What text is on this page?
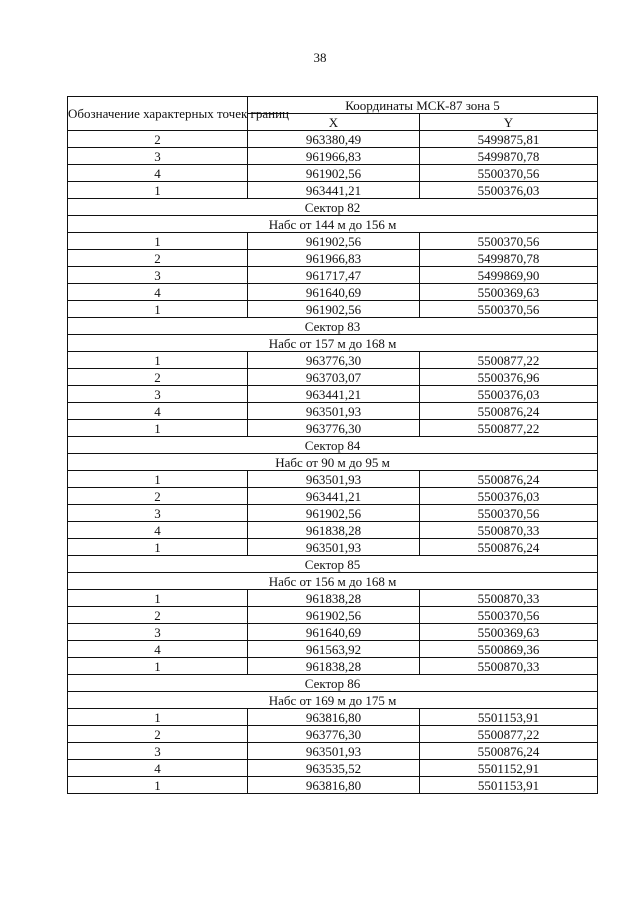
38
Обозначение характерных точек границ	Координаты МСК-87 зона 5	
	X	Y
2	963380,49	5499875,81
3	961966,83	5499870,78
4	961902,56	5500370,56
1	963441,21	5500376,03
Сектор 82		
Набс от 144 м до 156 м		
1	961902,56	5500370,56
2	961966,83	5499870,78
3	961717,47	5499869,90
4	961640,69	5500369,63
1	961902,56	5500370,56
Сектор 83		
Набс от 157 м до 168 м		
1	963776,30	5500877,22
2	963703,07	5500376,96
3	963441,21	5500376,03
4	963501,93	5500876,24
1	963776,30	5500877,22
Сектор 84		
Набс от 90 м до 95 м		
1	963501,93	5500876,24
2	963441,21	5500376,03
3	961902,56	5500370,56
4	961838,28	5500870,33
1	963501,93	5500876,24
Сектор 85		
Набс от 156 м до 168 м		
1	961838,28	5500870,33
2	961902,56	5500370,56
3	961640,69	5500369,63
4	961563,92	5500869,36
1	961838,28	5500870,33
Сектор 86		
Набс от 169 м до 175 м		
1	963816,80	5501153,91
2	963776,30	5500877,22
3	963501,93	5500876,24
4	963535,52	5501152,91
1	963816,80	5501153,91
